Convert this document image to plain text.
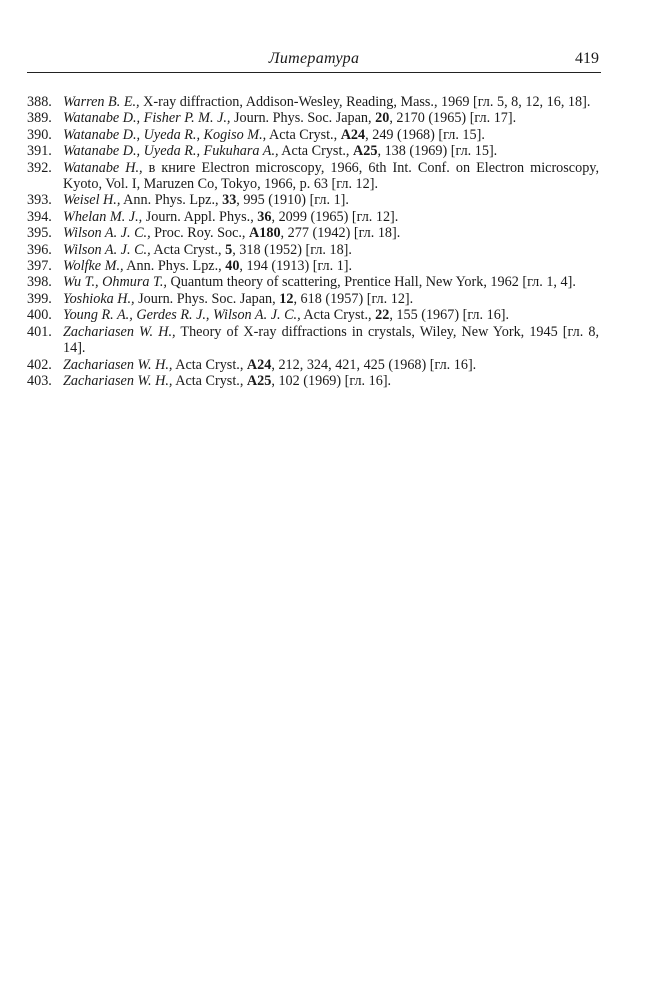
Литература	419
388. Warren B. E., X-ray diffraction, Addison-Wesley, Reading, Mass., 1969 [гл. 5, 8, 12, 16, 18].
389. Watanabe D., Fisher P. M. J., Journ. Phys. Soc. Japan, 20, 2170 (1965) [гл. 17].
390. Watanabe D., Uyeda R., Kogiso M., Acta Cryst., A24, 249 (1968) [гл. 15].
391. Watanabe D., Uyeda R., Fukuhara A., Acta Cryst., A25, 138 (1969) [гл. 15].
392. Watanabe H., в книге Electron microscopy, 1966, 6th Int. Conf. on Electron microscopy, Kyoto, Vol. I, Maruzen Co, Tokyo, 1966, p. 63 [гл. 12].
393. Weisel H., Ann. Phys. Lpz., 33, 995 (1910) [гл. 1].
394. Whelan M. J., Journ. Appl. Phys., 36, 2099 (1965) [гл. 12].
395. Wilson A. J. C., Proc. Roy. Soc., A180, 277 (1942) [гл. 18].
396. Wilson A. J. C., Acta Cryst., 5, 318 (1952) [гл. 18].
397. Wolfke M., Ann. Phys. Lpz., 40, 194 (1913) [гл. 1].
398. Wu T., Ohmura T., Quantum theory of scattering, Prentice Hall, New York, 1962 [гл. 1, 4].
399. Yoshioka H., Journ. Phys. Soc. Japan, 12, 618 (1957) [гл. 12].
400. Young R. A., Gerdes R. J., Wilson A. J. C., Acta Cryst., 22, 155 (1967) [гл. 16].
401. Zachariasen W. H., Theory of X-ray diffractions in crystals, Wiley, New York, 1945 [гл. 8, 14].
402. Zachariasen W. H., Acta Cryst., A24, 212, 324, 421, 425 (1968) [гл. 16].
403. Zachariasen W. H., Acta Cryst., A25, 102 (1969) [гл. 16].
